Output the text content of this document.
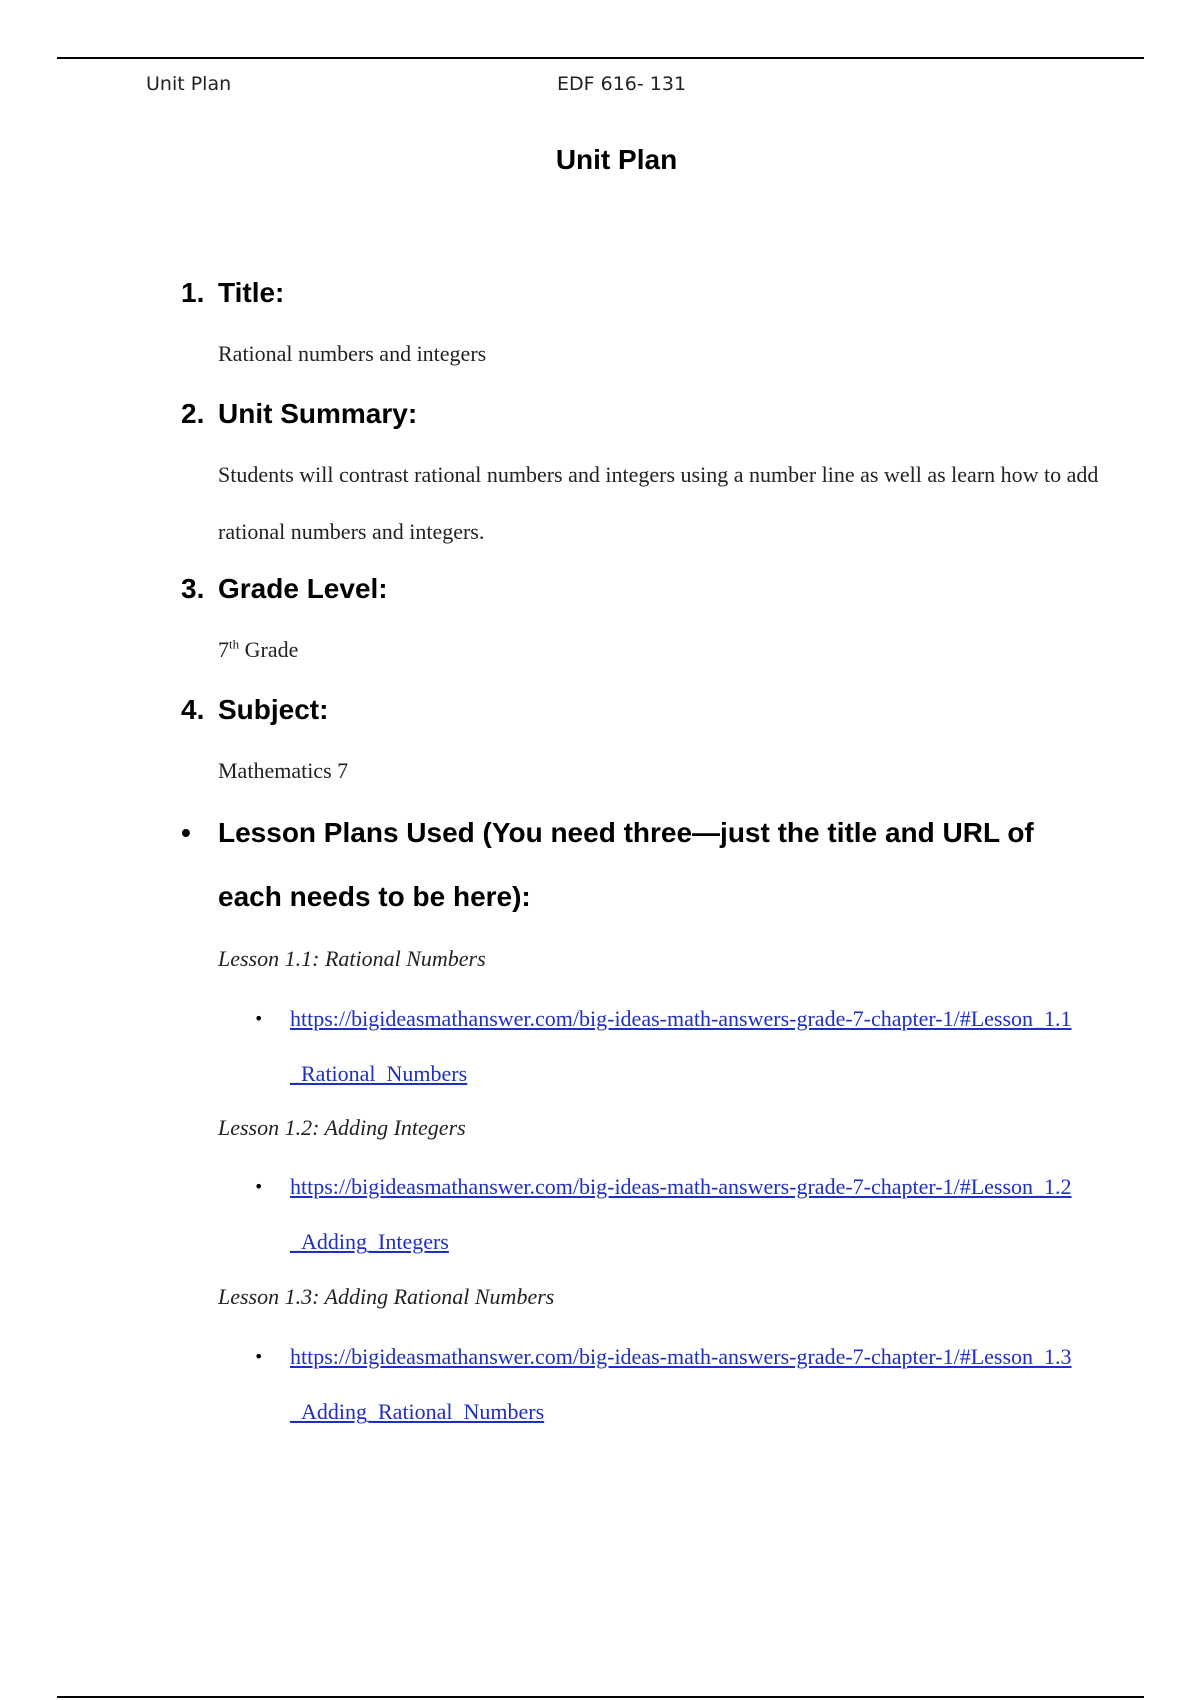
Unit Plan	EDF 616- 131
Unit Plan
1. Title:
Rational numbers and integers
2. Unit Summary:
Students will contrast rational numbers and integers using a number line as well as learn how to add rational numbers and integers.
3. Grade Level:
7th Grade
4. Subject:
Mathematics 7
• Lesson Plans Used (You need three—just the title and URL of each needs to be here):
Lesson 1.1: Rational Numbers
• https://bigideasmathanswer.com/big-ideas-math-answers-grade-7-chapter-1/#Lesson_1.1_Rational_Numbers
Lesson 1.2: Adding Integers
• https://bigideasmathanswer.com/big-ideas-math-answers-grade-7-chapter-1/#Lesson_1.2_Adding_Integers
Lesson 1.3: Adding Rational Numbers
• https://bigideasmathanswer.com/big-ideas-math-answers-grade-7-chapter-1/#Lesson_1.3_Adding_Rational_Numbers
